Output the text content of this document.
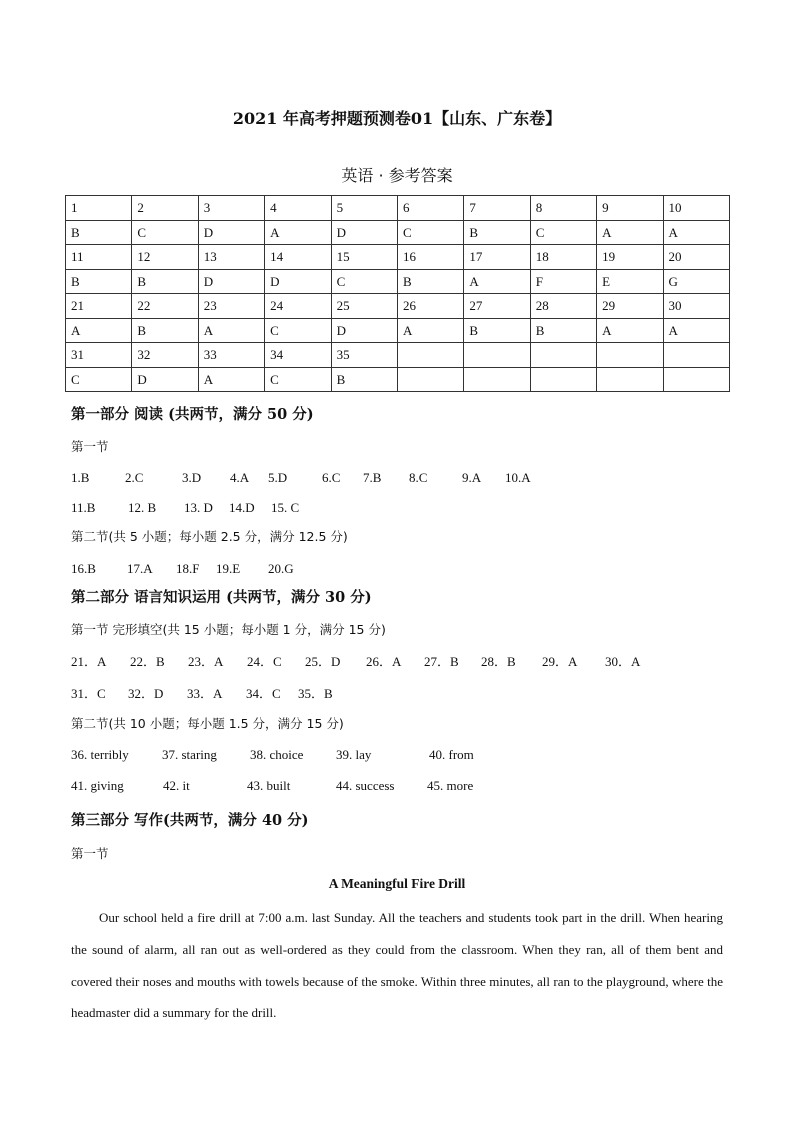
2021 年高考押题预测卷01【山东、广东卷】
英语 · 参考答案
1	2	3	4	5	6	7	8	9	10
B	C	D	A	D	C	B	C	A	A
11	12	13	14	15	16	17	18	19	20
B	B	D	D	C	B	A	F	E	G
21	22	23	24	25	26	27	28	29	30
A	B	A	C	D	A	B	B	A	A
31	32	33	34	35					
C	D	A	C	B					
第一部分 阅读 (共两节，满分 50 分)
第一节
1.B	2.C	3.D 4.A 5.D	6.C 7.B 8.C	9.A 10.A
11.B	12. B 13. D 14.D 15. C
第二节(共 5 小题；每小题 2.5 分，满分 12.5 分)
16.B 17.A 18.F 19.E 20.G
第二部分 语言知识运用 (共两节，满分 30 分)
第一节 完形填空(共 15 小题；每小题 1 分，满分 15 分)
21．A 22．B 23．A 24．C 25．D 26．A 27．B 28．B 29．A 30．A
31．C 32．D 33．A 34．C 35．B
第二节(共 10 小题；每小题 1.5 分，满分 15 分)
36. terribly	37. staring	38. choice	39. lay	40. from
41. giving	42. it	43. built	44. success	45. more
第三部分 写作(共两节，满分 40 分)
第一节
A Meaningful Fire Drill

Our school held a fire drill at 7:00 a.m. last Sunday. All the teachers and students took part in the drill. When hearing the sound of alarm, all ran out as well-ordered as they could from the classroom. When they ran, all of them bent and covered their noses and mouths with towels because of the smoke. Within three minutes, all ran to the playground, where the headmaster did a summary for the drill.
